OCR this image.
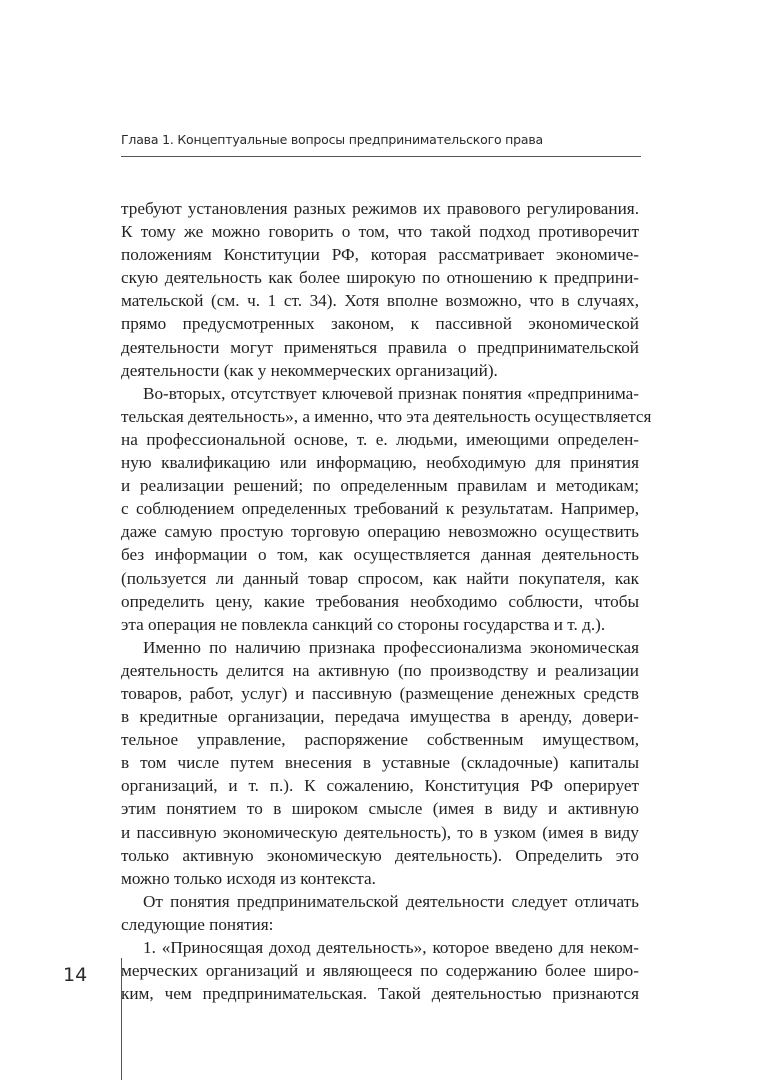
Глава 1. Концептуальные вопросы предпринимательского права
требуют установления разных режимов их правового регулирования.
К тому же можно говорить о том, что такой подход противоречит
положениям Конституции РФ, которая рассматривает экономиче-
скую деятельность как более широкую по отношению к предприни-
мательской (см. ч. 1 ст. 34). Хотя вполне возможно, что в случаях,
прямо предусмотренных законом, к пассивной экономической
деятельности могут применяться правила о предпринимательской
деятельности (как у некоммерческих организаций).
Во-вторых, отсутствует ключевой признак понятия «предпринима-
тельская деятельность», а именно, что эта деятельность осуществляется
на профессиональной основе, т. е. людьми, имеющими определен-
ную квалификацию или информацию, необходимую для принятия
и реализации решений; по определенным правилам и методикам;
с соблюдением определенных требований к результатам. Например,
даже самую простую торговую операцию невозможно осуществить
без информации о том, как осуществляется данная деятельность
(пользуется ли данный товар спросом, как найти покупателя, как
определить цену, какие требования необходимо соблюсти, чтобы
эта операция не повлекла санкций со стороны государства и т. д.).
Именно по наличию признака профессионализма экономическая
деятельность делится на активную (по производству и реализации
товаров, работ, услуг) и пассивную (размещение денежных средств
в кредитные организации, передача имущества в аренду, довери-
тельное управление, распоряжение собственным имуществом,
в том числе путем внесения в уставные (складочные) капиталы
организаций, и т. п.). К сожалению, Конституция РФ оперирует
этим понятием то в широком смысле (имея в виду и активную
и пассивную экономическую деятельность), то в узком (имея в виду
только активную экономическую деятельность). Определить это
можно только исходя из контекста.
От понятия предпринимательской деятельности следует отличать
следующие понятия:
1. «Приносящая доход деятельность», которое введено для неком-
мерческих организаций и являющееся по содержанию более широ-
ким, чем предпринимательская. Такой деятельностью признаются
14
